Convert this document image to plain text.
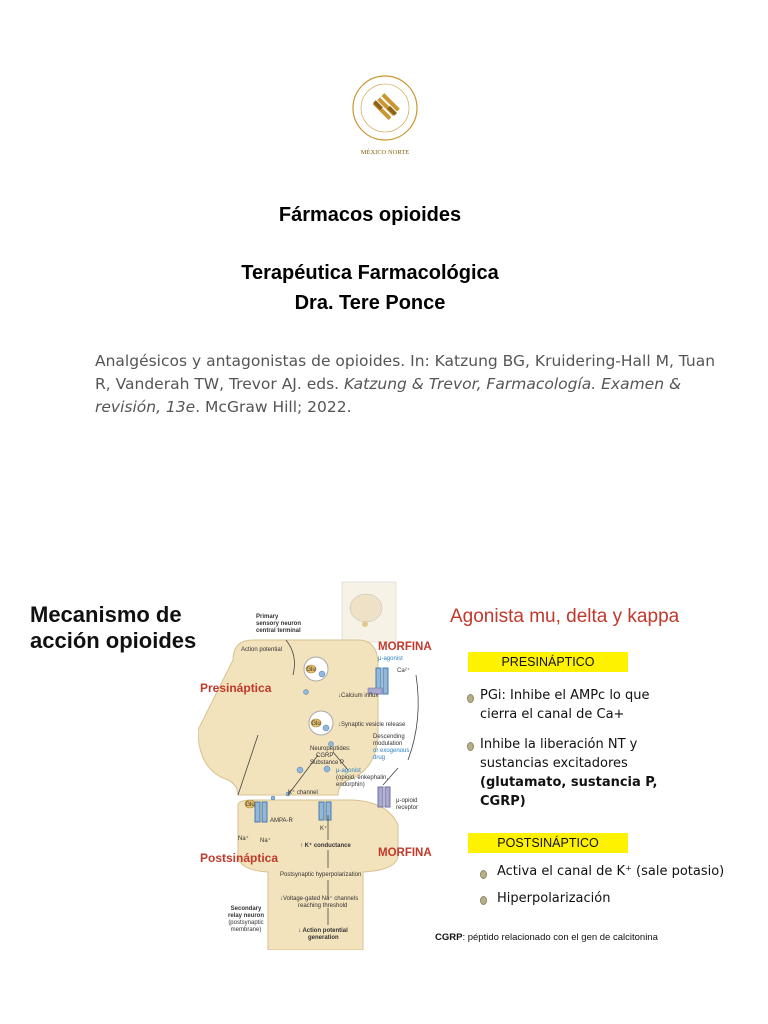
MÉXICO NORTE
Fármacos opioides
Terapéutica Farmacológica
Dra. Tere Ponce
Analgésicos y antagonistas de opioides. In: Katzung BG, Kruidering-Hall M, Tuan R, Vanderah TW, Trevor AJ. eds. Katzung & Trevor, Farmacología. Examen & revisión, 13e. McGraw Hill; 2022.
Mecanismo de
acción opioides
Agonista mu, delta y kappa
PRESINÁPTICO
PGi: Inhibe el AMPc lo que
cierra el canal de Ca+
Inhibe la liberación NT y
sustancias excitadores
(glutamato, sustancia P,
CGRP)
POSTSINÁPTICO
Activa el canal de K⁺ (sale potasio)
Hiperpolarización
CGRP: péptido relacionado con el gen de calcitonina
Glu
Glu
Ca²⁺
Glu
AMPA-R
Na⁺ Na⁺
K⁺
Primary
sensory neuron
central terminal
Action potential	MORFINA
μ-agonist
Presináptica
↓Calcium influx
↓Synaptic vesicle release
Neuropeptides:
CGRP
Substance P
Descending
modulation
or exogenous
drug
μ-agonist
(opioid, enkephalin,
endorphin)
K⁺ channel
μ-opioid
receptor
↑ K⁺ conductance
Postsináptica	MORFINA
Postsynaptic hyperpolarization
↓Voltage-gated Na⁺ channels
reaching threshold
Secondary
relay neuron
(postsynaptic
membrane)	↓ Action potential
generation
